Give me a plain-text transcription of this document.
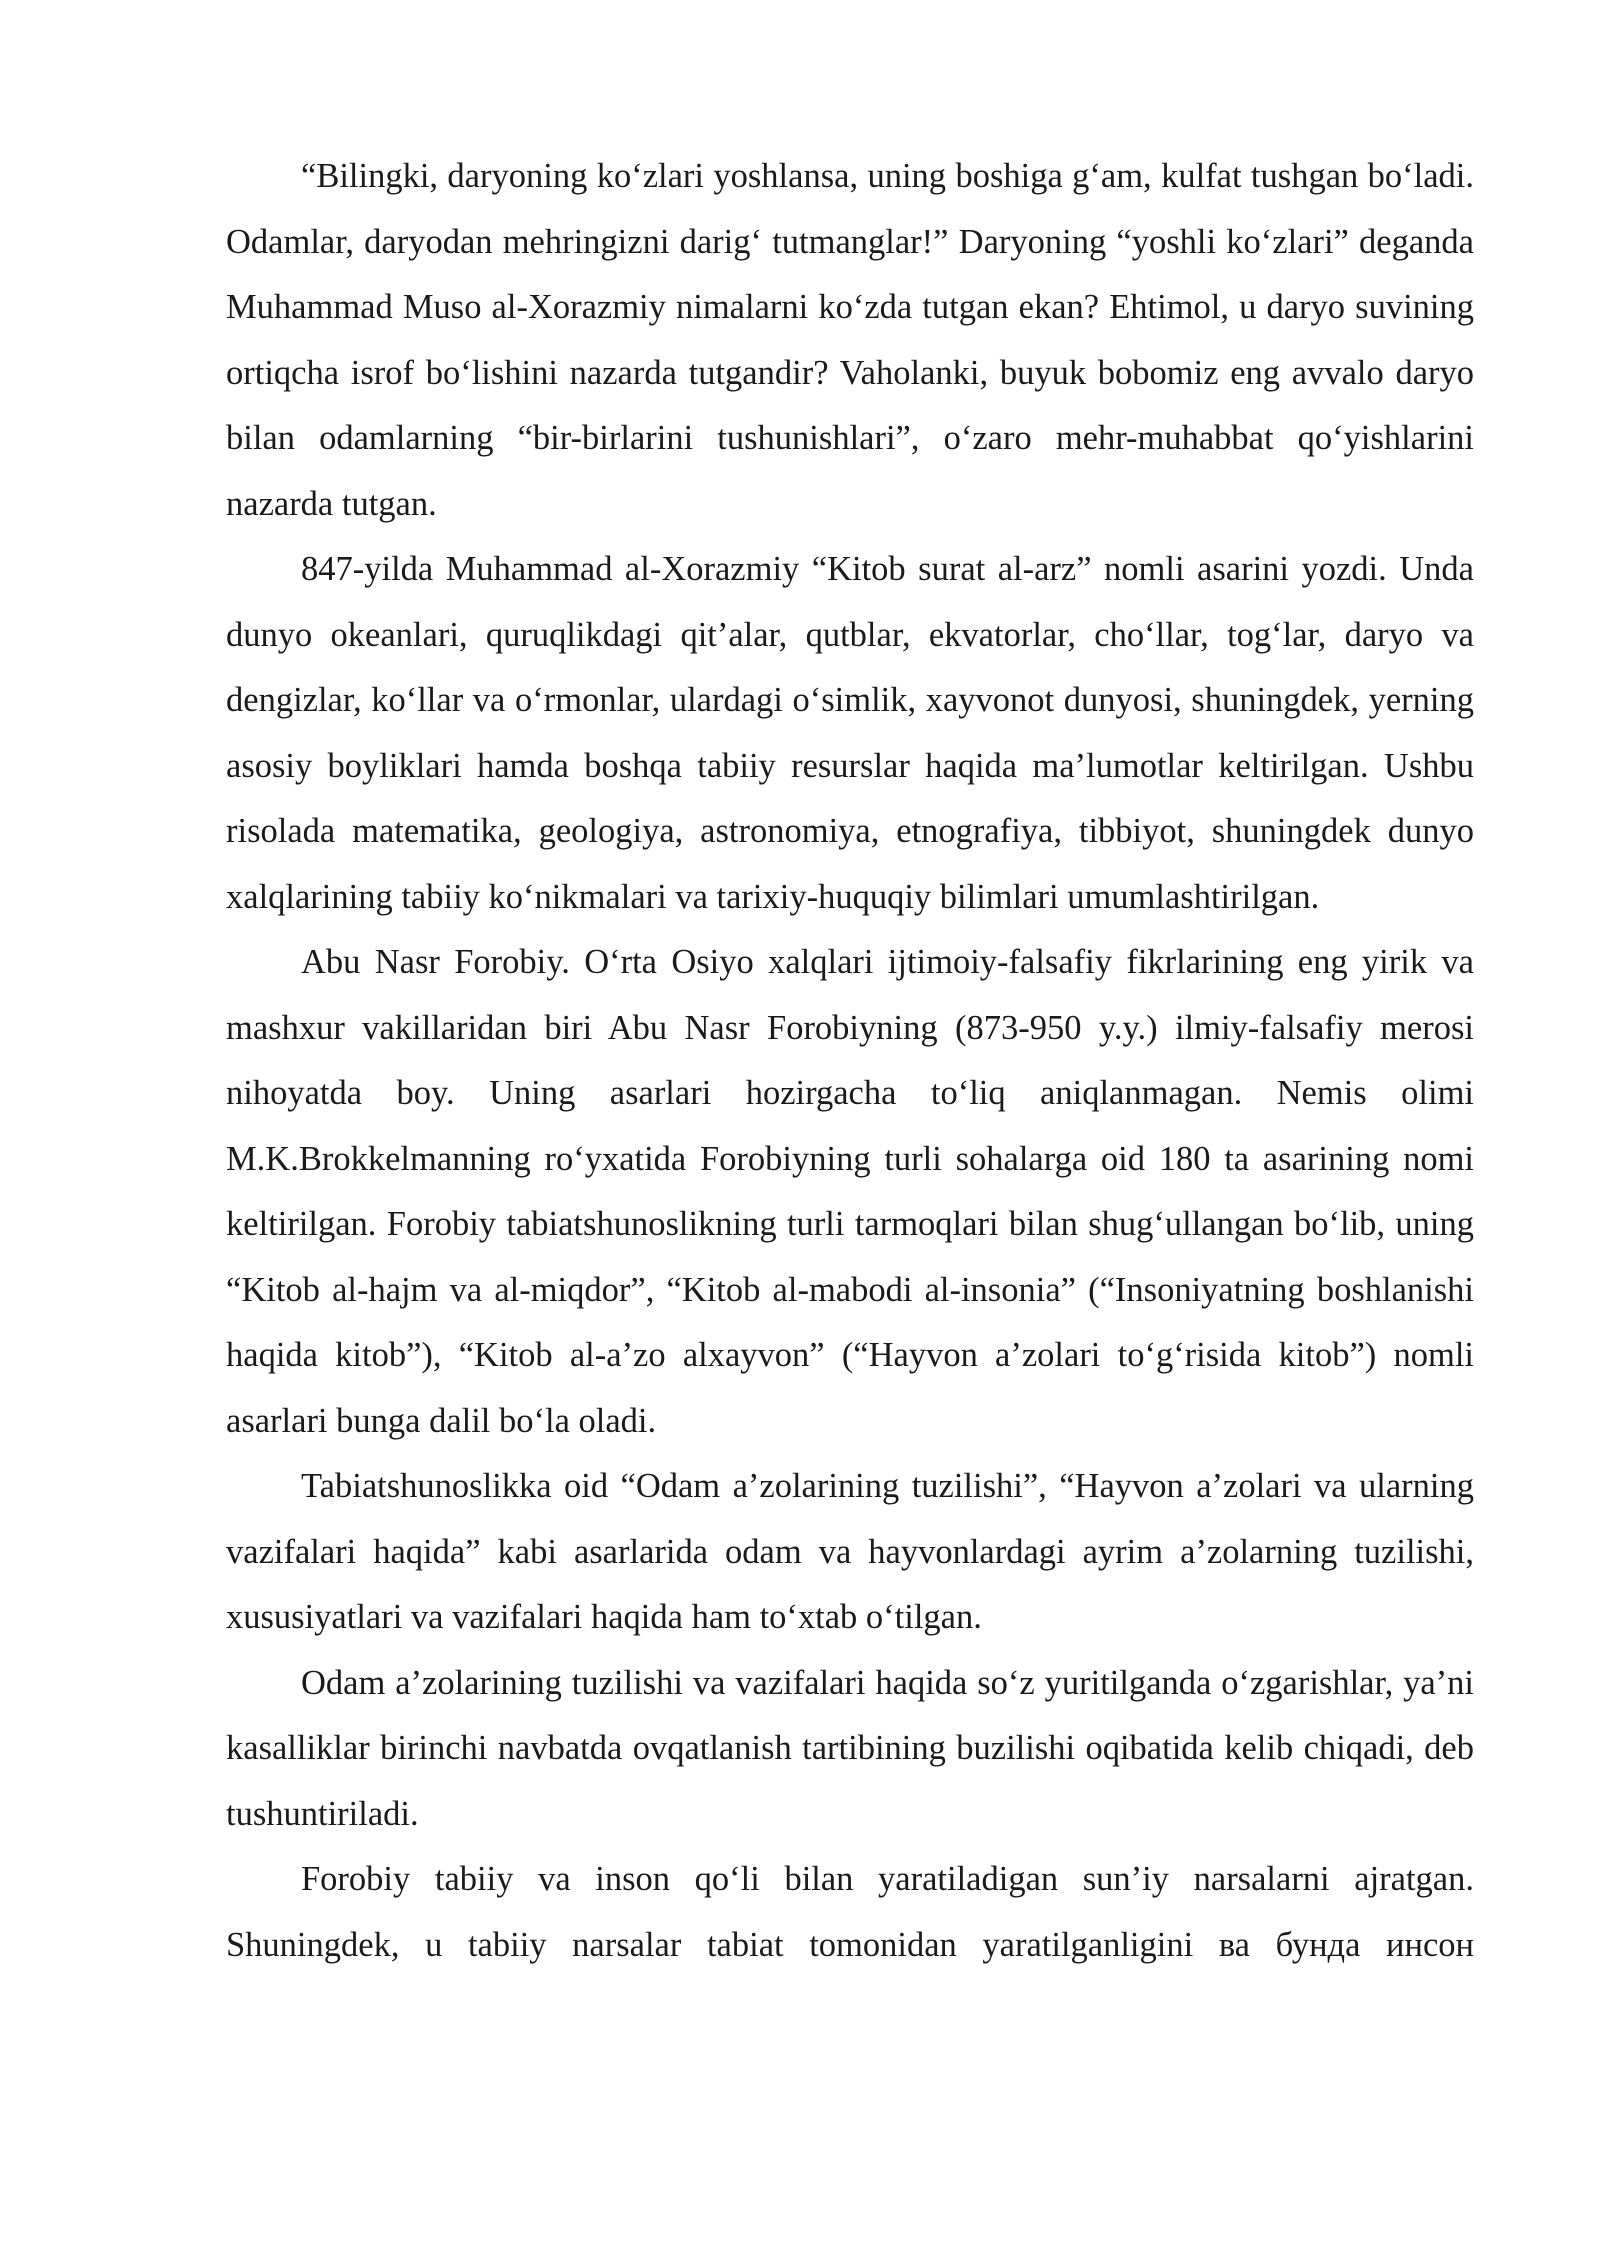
“Bilingki, daryoning ko‘zlari yoshlansa, uning boshiga g‘am, kulfat tushgan bo‘ladi. Odamlar, daryodan mehringizni darig‘ tutmanglar!” Daryoning “yoshli ko‘zlari” deganda Muhammad Muso al-Xorazmiy nimalarni ko‘zda tutgan ekan? Ehtimol, u daryo suvining ortiqcha isrof bo‘lishini nazarda tutgandir? Vaholanki, buyuk bobomiz eng avvalo daryo bilan odamlarning “bir-birlarini tushunishlari”, o‘zaro mehr-muhabbat qo‘yishlarini nazarda tutgan.

847-yilda Muhammad al-Xorazmiy “Kitob surat al-arz” nomli asarini yozdi. Unda dunyo okeanlari, quruqlikdagi qit’alar, qutblar, ekvatorlar, cho‘llar, tog‘lar, daryo va dengizlar, ko‘llar va o‘rmonlar, ulardagi o‘simlik, xayvonot dunyosi, shuningdek, yerning asosiy boyliklari hamda boshqa tabiiy resurslar haqida ma’lumotlar keltirilgan. Ushbu risolada matematika, geologiya, astronomiya, etnografiya, tibbiyot, shuningdek dunyo xalqlarining tabiiy ko‘nikmalari va tarixiy-huquqiy bilimlari umumlashtirilgan.

Abu Nasr Forobiy. O‘rta Osiyo xalqlari ijtimoiy-falsafiy fikrlarining eng yirik va mashxur vakillaridan biri Abu Nasr Forobiyning (873-950 y.y.) ilmiy-falsafiy merosi nihoyatda boy. Uning asarlari hozirgacha to‘liq aniqlanmagan. Nemis olimi M.K.Brokkelmanning ro‘yxatida Forobiyning turli sohalarga oid 180 ta asarining nomi keltirilgan. Forobiy tabiatshunoslikning turli tarmoqlari bilan shug‘ullangan bo‘lib, uning “Kitob al-hajm va al-miqdor”, “Kitob al-mabodi al-insonia” (“Insoniyatning boshlanishi haqida kitob”), “Kitob al-a’zo alxayvon” (“Hayvon a’zolari to‘g‘risida kitob”) nomli asarlari bunga dalil bo‘la oladi.

Tabiatshunoslikka oid “Odam a’zolarining tuzilishi”, “Hayvon a’zolari va ularning vazifalari haqida” kabi asarlarida odam va hayvonlardagi ayrim a’zolarning tuzilishi, xususiyatlari va vazifalari haqida ham to‘xtab o‘tilgan.

Odam a’zolarining tuzilishi va vazifalari haqida so‘z yuritilganda o‘zgarishlar, ya’ni kasalliklar birinchi navbatda ovqatlanish tartibining buzilishi oqibatida kelib chiqadi, deb tushuntiriladi.

Forobiy tabiiy va inson qo‘li bilan yaratiladigan sun’iy narsalarni ajratgan. Shuningdek, u tabiiy narsalar tabiat tomonidan yaratilganligini ва бунда инсон
